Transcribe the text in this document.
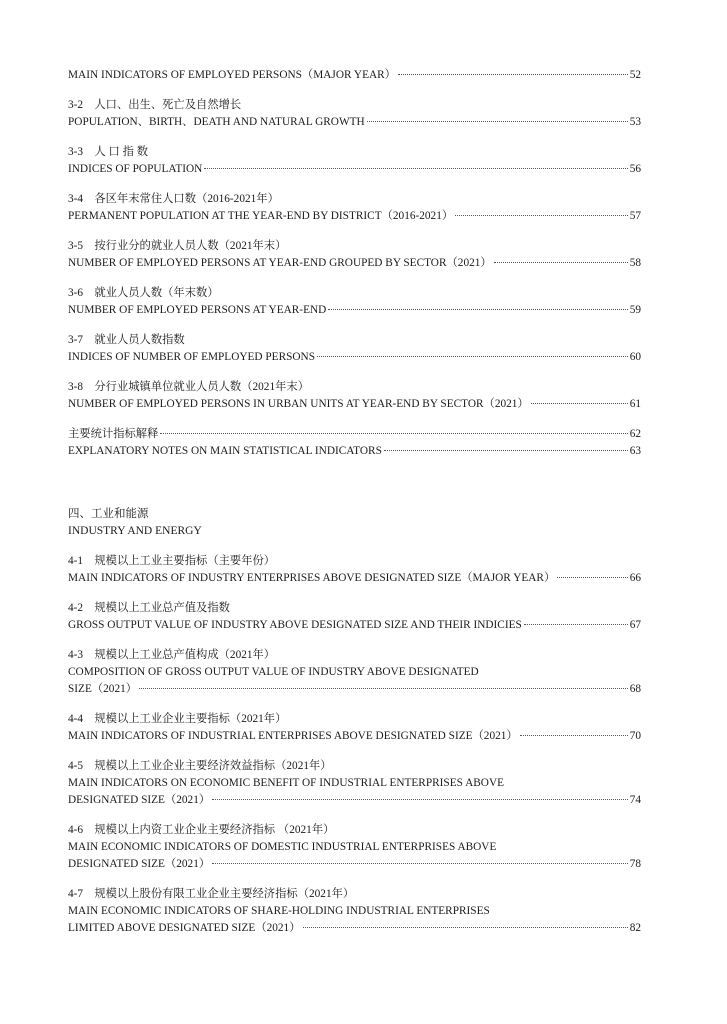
MAIN INDICATORS OF EMPLOYED PERSONS（MAJOR YEAR）	52
3-2　人口、出生、死亡及自然增长
POPULATION、BIRTH、DEATH AND NATURAL GROWTH	53
3-3　人 口 指 数
INDICES OF POPULATION	56
3-4　各区年末常住人口数（2016-2021年）
PERMANENT POPULATION AT THE YEAR-END BY DISTRICT（2016-2021）	57
3-5　按行业分的就业人员人数（2021年末）
NUMBER OF EMPLOYED PERSONS AT YEAR-END GROUPED BY SECTOR（2021）	58
3-6　就业人员人数（年末数）
NUMBER OF EMPLOYED PERSONS AT YEAR-END	59
3-7　就业人员人数指数
INDICES OF NUMBER OF EMPLOYED PERSONS	60
3-8　分行业城镇单位就业人员人数（2021年末）
NUMBER OF EMPLOYED PERSONS IN URBAN UNITS AT YEAR-END BY SECTOR（2021）	61
主要统计指标解释	62
EXPLANATORY NOTES ON MAIN STATISTICAL INDICATORS	63
四、工业和能源
INDUSTRY AND ENERGY
4-1　规模以上工业主要指标（主要年份）
MAIN INDICATORS OF INDUSTRY ENTERPRISES ABOVE DESIGNATED SIZE（MAJOR YEAR）	66
4-2　规模以上工业总产值及指数
GROSS OUTPUT VALUE OF INDUSTRY ABOVE DESIGNATED SIZE AND THEIR INDICIES	67
4-3　规模以上工业总产值构成（2021年）
COMPOSITION OF GROSS OUTPUT VALUE OF INDUSTRY ABOVE DESIGNATED
SIZE（2021）	68
4-4　规模以上工业企业主要指标（2021年）
MAIN INDICATORS OF INDUSTRIAL ENTERPRISES ABOVE DESIGNATED SIZE（2021）	70
4-5　规模以上工业企业主要经济效益指标（2021年）
MAIN INDICATORS ON ECONOMIC BENEFIT OF INDUSTRIAL ENTERPRISES ABOVE
DESIGNATED SIZE（2021）	74
4-6　规模以上内资工业企业主要经济指标 （2021年）
MAIN ECONOMIC INDICATORS OF DOMESTIC INDUSTRIAL ENTERPRISES ABOVE
DESIGNATED SIZE（2021）	78
4-7　规模以上股份有限工业企业主要经济指标（2021年）
MAIN ECONOMIC INDICATORS OF SHARE-HOLDING INDUSTRIAL ENTERPRISES
LIMITED ABOVE DESIGNATED SIZE（2021）	82
